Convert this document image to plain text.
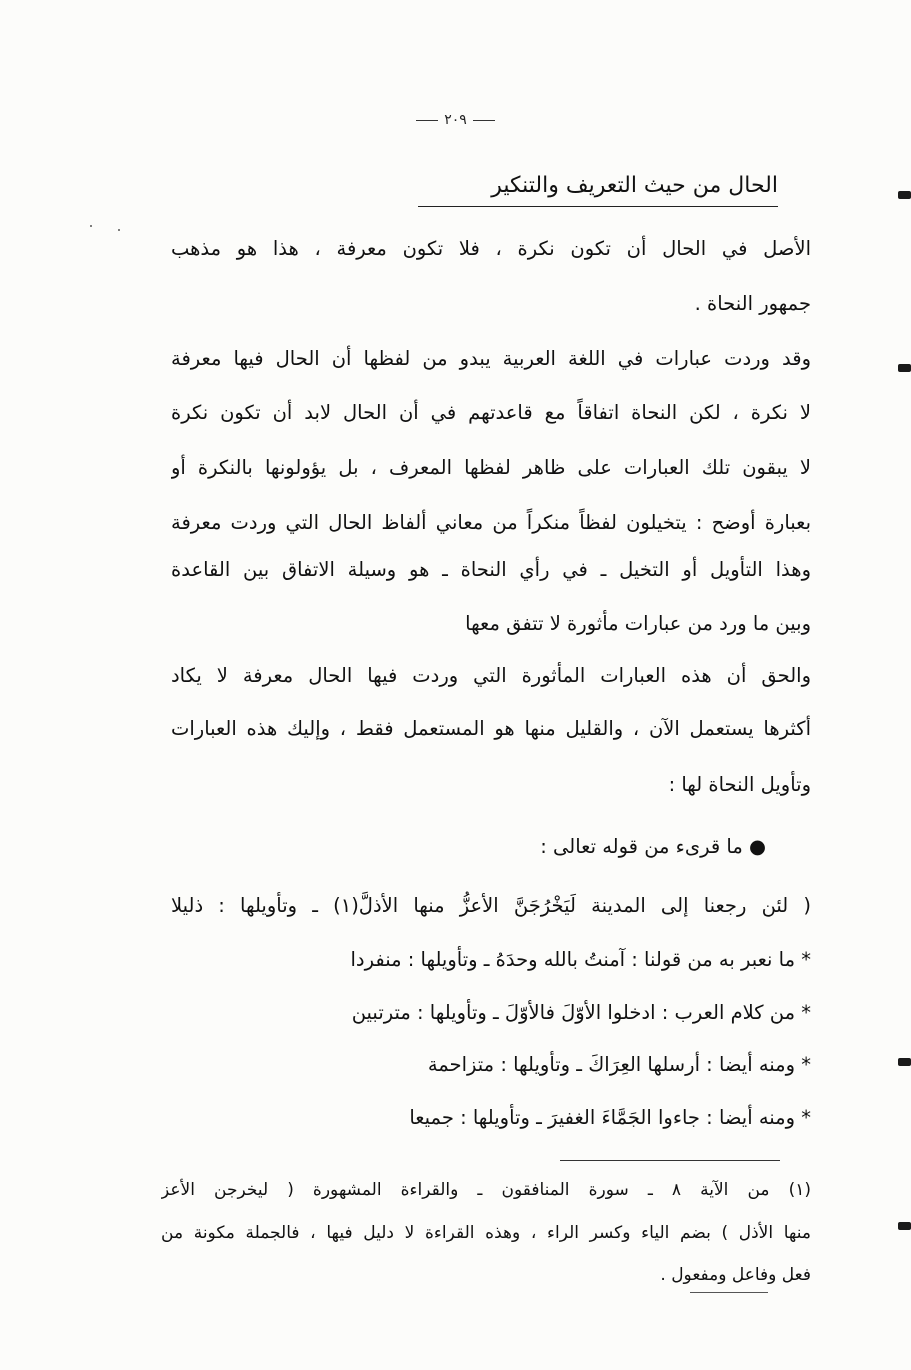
٢٠٩
الحال من حيث التعريف والتنكير
الأصل في الحال أن تكون نكرة ، فلا تكون معرفة ، هذا هو مذهب
جمهور النحاة .
وقد وردت عبارات في اللغة العربية يبدو من لفظها أن الحال فيها معرفة
لا نكرة ، لكن النحاة اتفاقاً مع قاعدتهم في أن الحال لابد أن تكون نكرة
لا يبقون تلك العبارات على ظاهر لفظها المعرف ، بل يؤولونها بالنكرة أو
بعبارة أوضح : يتخيلون لفظاً منكراً من معاني ألفاظ الحال التي وردت معرفة
وهذا التأويل أو التخيل ـ في رأي النحاة ـ هو وسيلة الاتفاق بين القاعدة
وبين ما ورد من عبارات مأثورة لا تتفق معها
والحق أن هذه العبارات المأثورة التي وردت فيها الحال معرفة لا يكاد
أكثرها يستعمل الآن ، والقليل منها هو المستعمل فقط ، وإليك هذه العبارات
وتأويل النحاة لها :
● ما قرىء من قوله تعالى :
( لئن رجعنا إلى المدينة لَيَخْرُجَنَّ الأعزُّ منها الأذلَّ(١) ـ وتأويلها : ذليلا
* ما نعبر به من قولنا : آمنتُ بالله وحدَهُ ـ وتأويلها : منفردا
* من كلام العرب : ادخلوا الأوّلَ فالأوّلَ ـ وتأويلها : مترتبين
* ومنه أيضا : أرسلها العِرَاكَ ـ وتأويلها : متزاحمة
* ومنه أيضا : جاءوا الجَمَّاءَ الغفيرَ ـ وتأويلها : جميعا
(١) من الآية ٨ ـ سورة المنافقون ـ والقراءة المشهورة ( ليخرجن الأعز
منها الأذل ) بضم الياء وكسر الراء ، وهذه القراءة لا دليل فيها ، فالجملة مكونة من
فعل وفاعل ومفعول .
